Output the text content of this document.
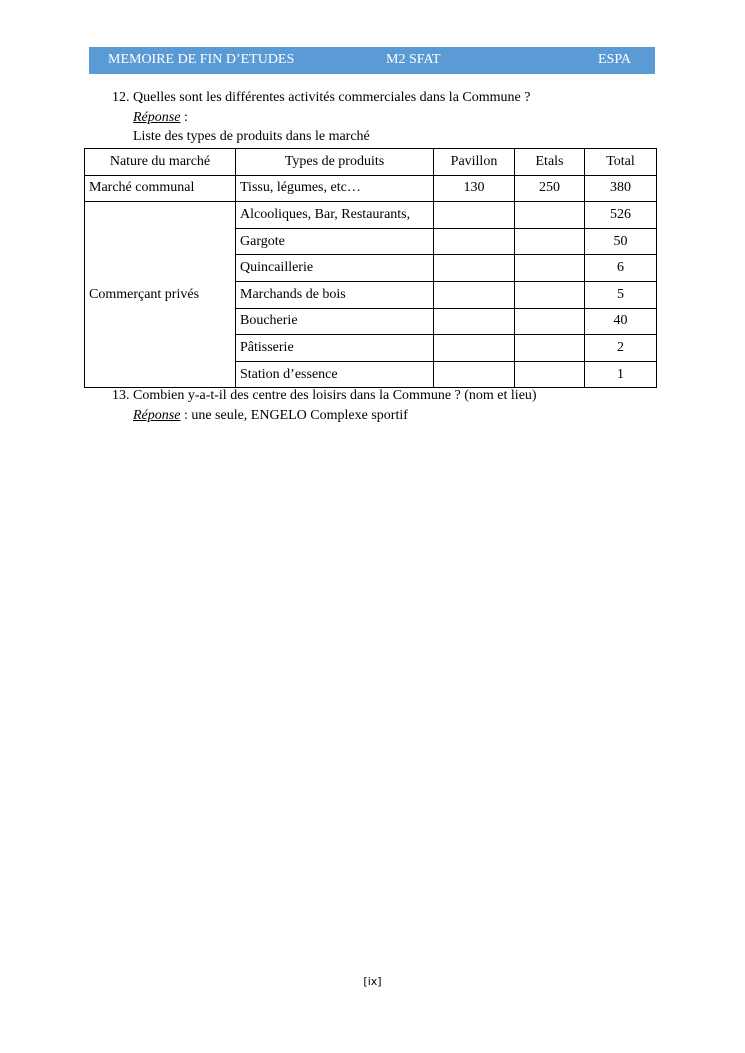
MEMOIRE DE FIN D’ETUDES	M2 SFAT	ESPA
12. Quelles sont les différentes activités commerciales dans la Commune ?
Réponse :
Liste des types de produits dans le marché
Nature du marché	Types de produits	Pavillon	Etals	Total
Marché communal	Tissu, légumes, etc…	130	250	380
Commerçant privés	Alcooliques, Bar, Restaurants,			526
	Gargote			50
	Quincaillerie			6
	Marchands de bois			5
	Boucherie			40
	Pâtisserie			2
	Station d’essence			1
13. Combien y-a-t-il des centre des loisirs dans la Commune ? (nom et lieu)
Réponse : une seule, ENGELO Complexe sportif
[ix]
